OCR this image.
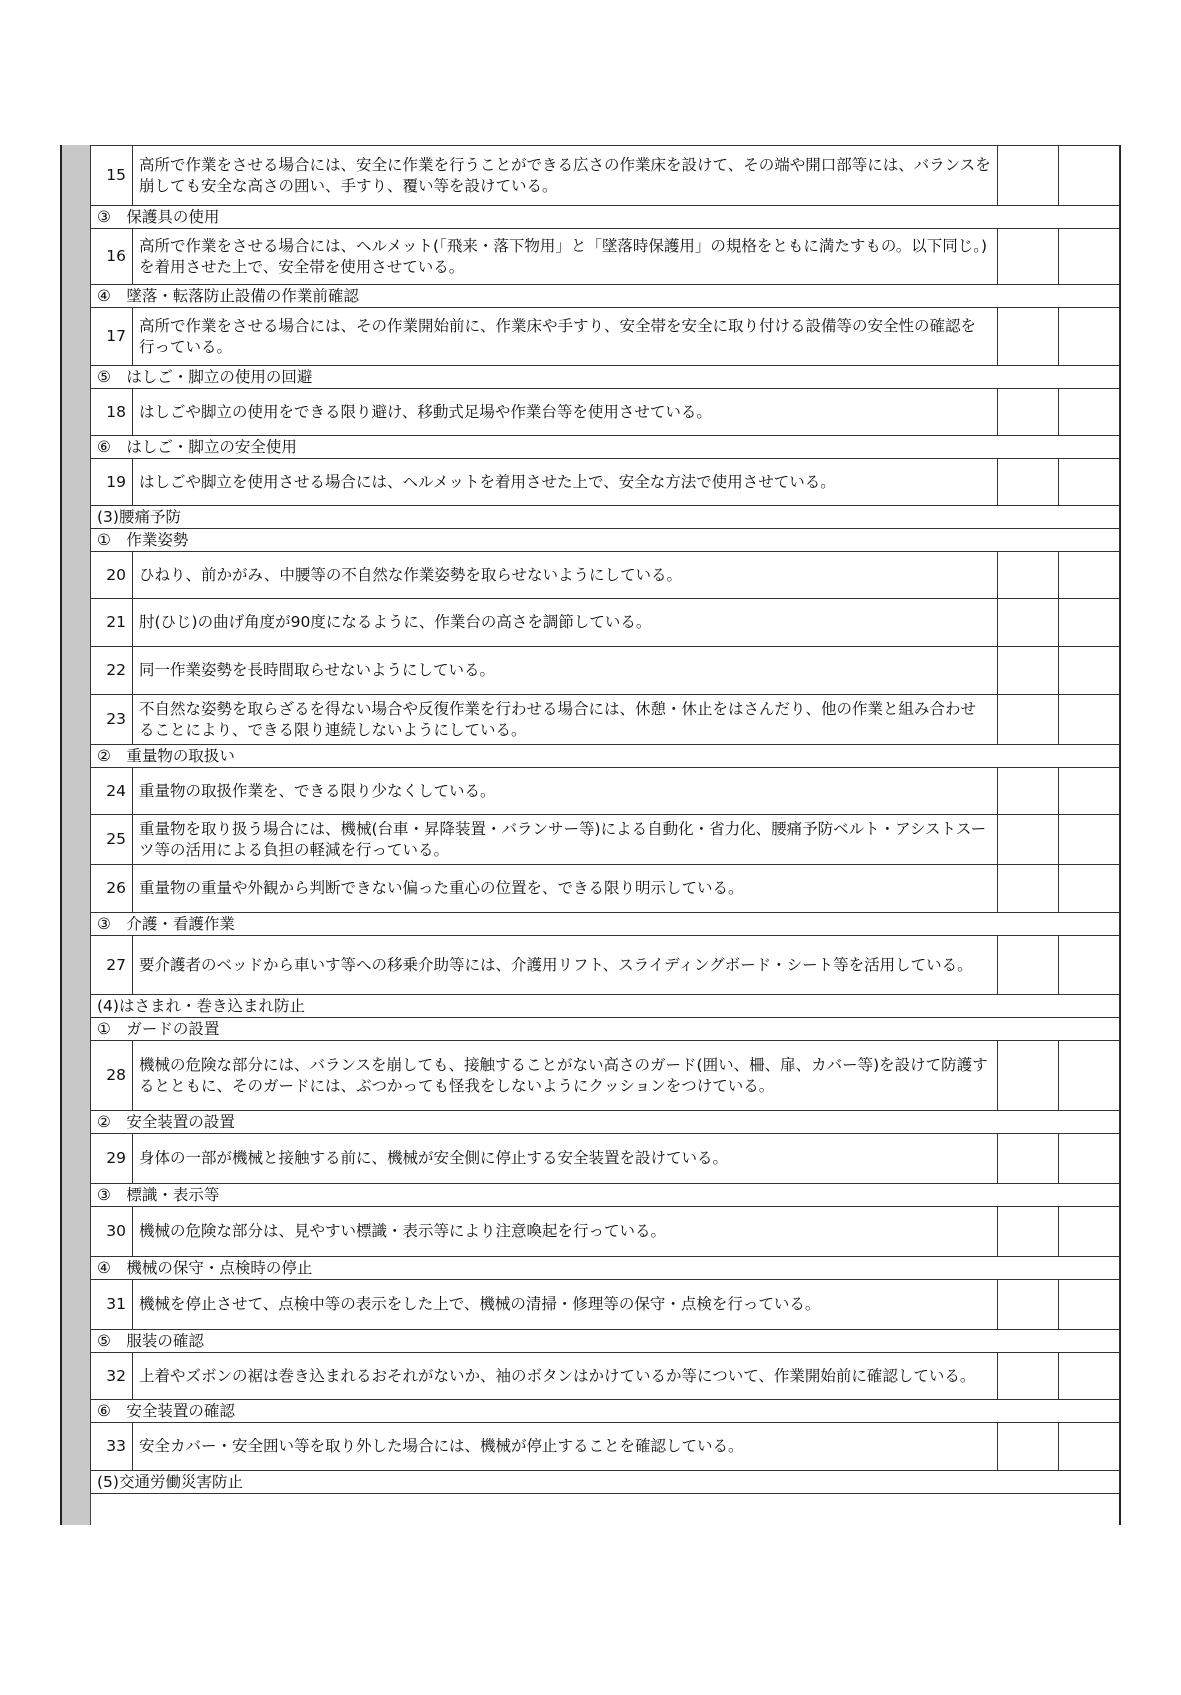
15	高所で作業をさせる場合には、安全に作業を行うことができる広さの作業床を設けて、その端や開口部等には、バランスを崩しても安全な高さの囲い、手すり、覆い等を設けている。		
③　保護具の使用			
16	高所で作業をさせる場合には、ヘルメット(「飛来・落下物用」と「墜落時保護用」の規格をともに満たすもの。以下同じ。)を着用させた上で、安全帯を使用させている。		
④　墜落・転落防止設備の作業前確認			
17	高所で作業をさせる場合には、その作業開始前に、作業床や手すり、安全帯を安全に取り付ける設備等の安全性の確認を行っている。		
⑤　はしご・脚立の使用の回避			
18	はしごや脚立の使用をできる限り避け、移動式足場や作業台等を使用させている。		
⑥　はしご・脚立の安全使用			
19	はしごや脚立を使用させる場合には、ヘルメットを着用させた上で、安全な方法で使用させている。		
(3)腰痛予防			
①　作業姿勢			
20	ひねり、前かがみ、中腰等の不自然な作業姿勢を取らせないようにしている。		
21	肘(ひじ)の曲げ角度が90度になるように、作業台の高さを調節している。		
22	同一作業姿勢を長時間取らせないようにしている。		
23	不自然な姿勢を取らざるを得ない場合や反復作業を行わせる場合には、休憩・休止をはさんだり、他の作業と組み合わせることにより、できる限り連続しないようにしている。		
②　重量物の取扱い			
24	重量物の取扱作業を、できる限り少なくしている。		
25	重量物を取り扱う場合には、機械(台車・昇降装置・バランサー等)による自動化・省力化、腰痛予防ベルト・アシストスーツ等の活用による負担の軽減を行っている。		
26	重量物の重量や外観から判断できない偏った重心の位置を、できる限り明示している。		
③　介護・看護作業			
27	要介護者のベッドから車いす等への移乗介助等には、介護用リフト、スライディングボード・シート等を活用している。		
(4)はさまれ・巻き込まれ防止			
①　ガードの設置			
28	機械の危険な部分には、バランスを崩しても、接触することがない高さのガード(囲い、柵、扉、カバー等)を設けて防護するとともに、そのガードには、ぶつかっても怪我をしないようにクッションをつけている。		
②　安全装置の設置			
29	身体の一部が機械と接触する前に、機械が安全側に停止する安全装置を設けている。		
③　標識・表示等			
30	機械の危険な部分は、見やすい標識・表示等により注意喚起を行っている。		
④　機械の保守・点検時の停止			
31	機械を停止させて、点検中等の表示をした上で、機械の清掃・修理等の保守・点検を行っている。		
⑤　服装の確認			
32	上着やズボンの裾は巻き込まれるおそれがないか、袖のボタンはかけているか等について、作業開始前に確認している。		
⑥　安全装置の確認			
33	安全カバー・安全囲い等を取り外した場合には、機械が停止することを確認している。		
(5)交通労働災害防止			
